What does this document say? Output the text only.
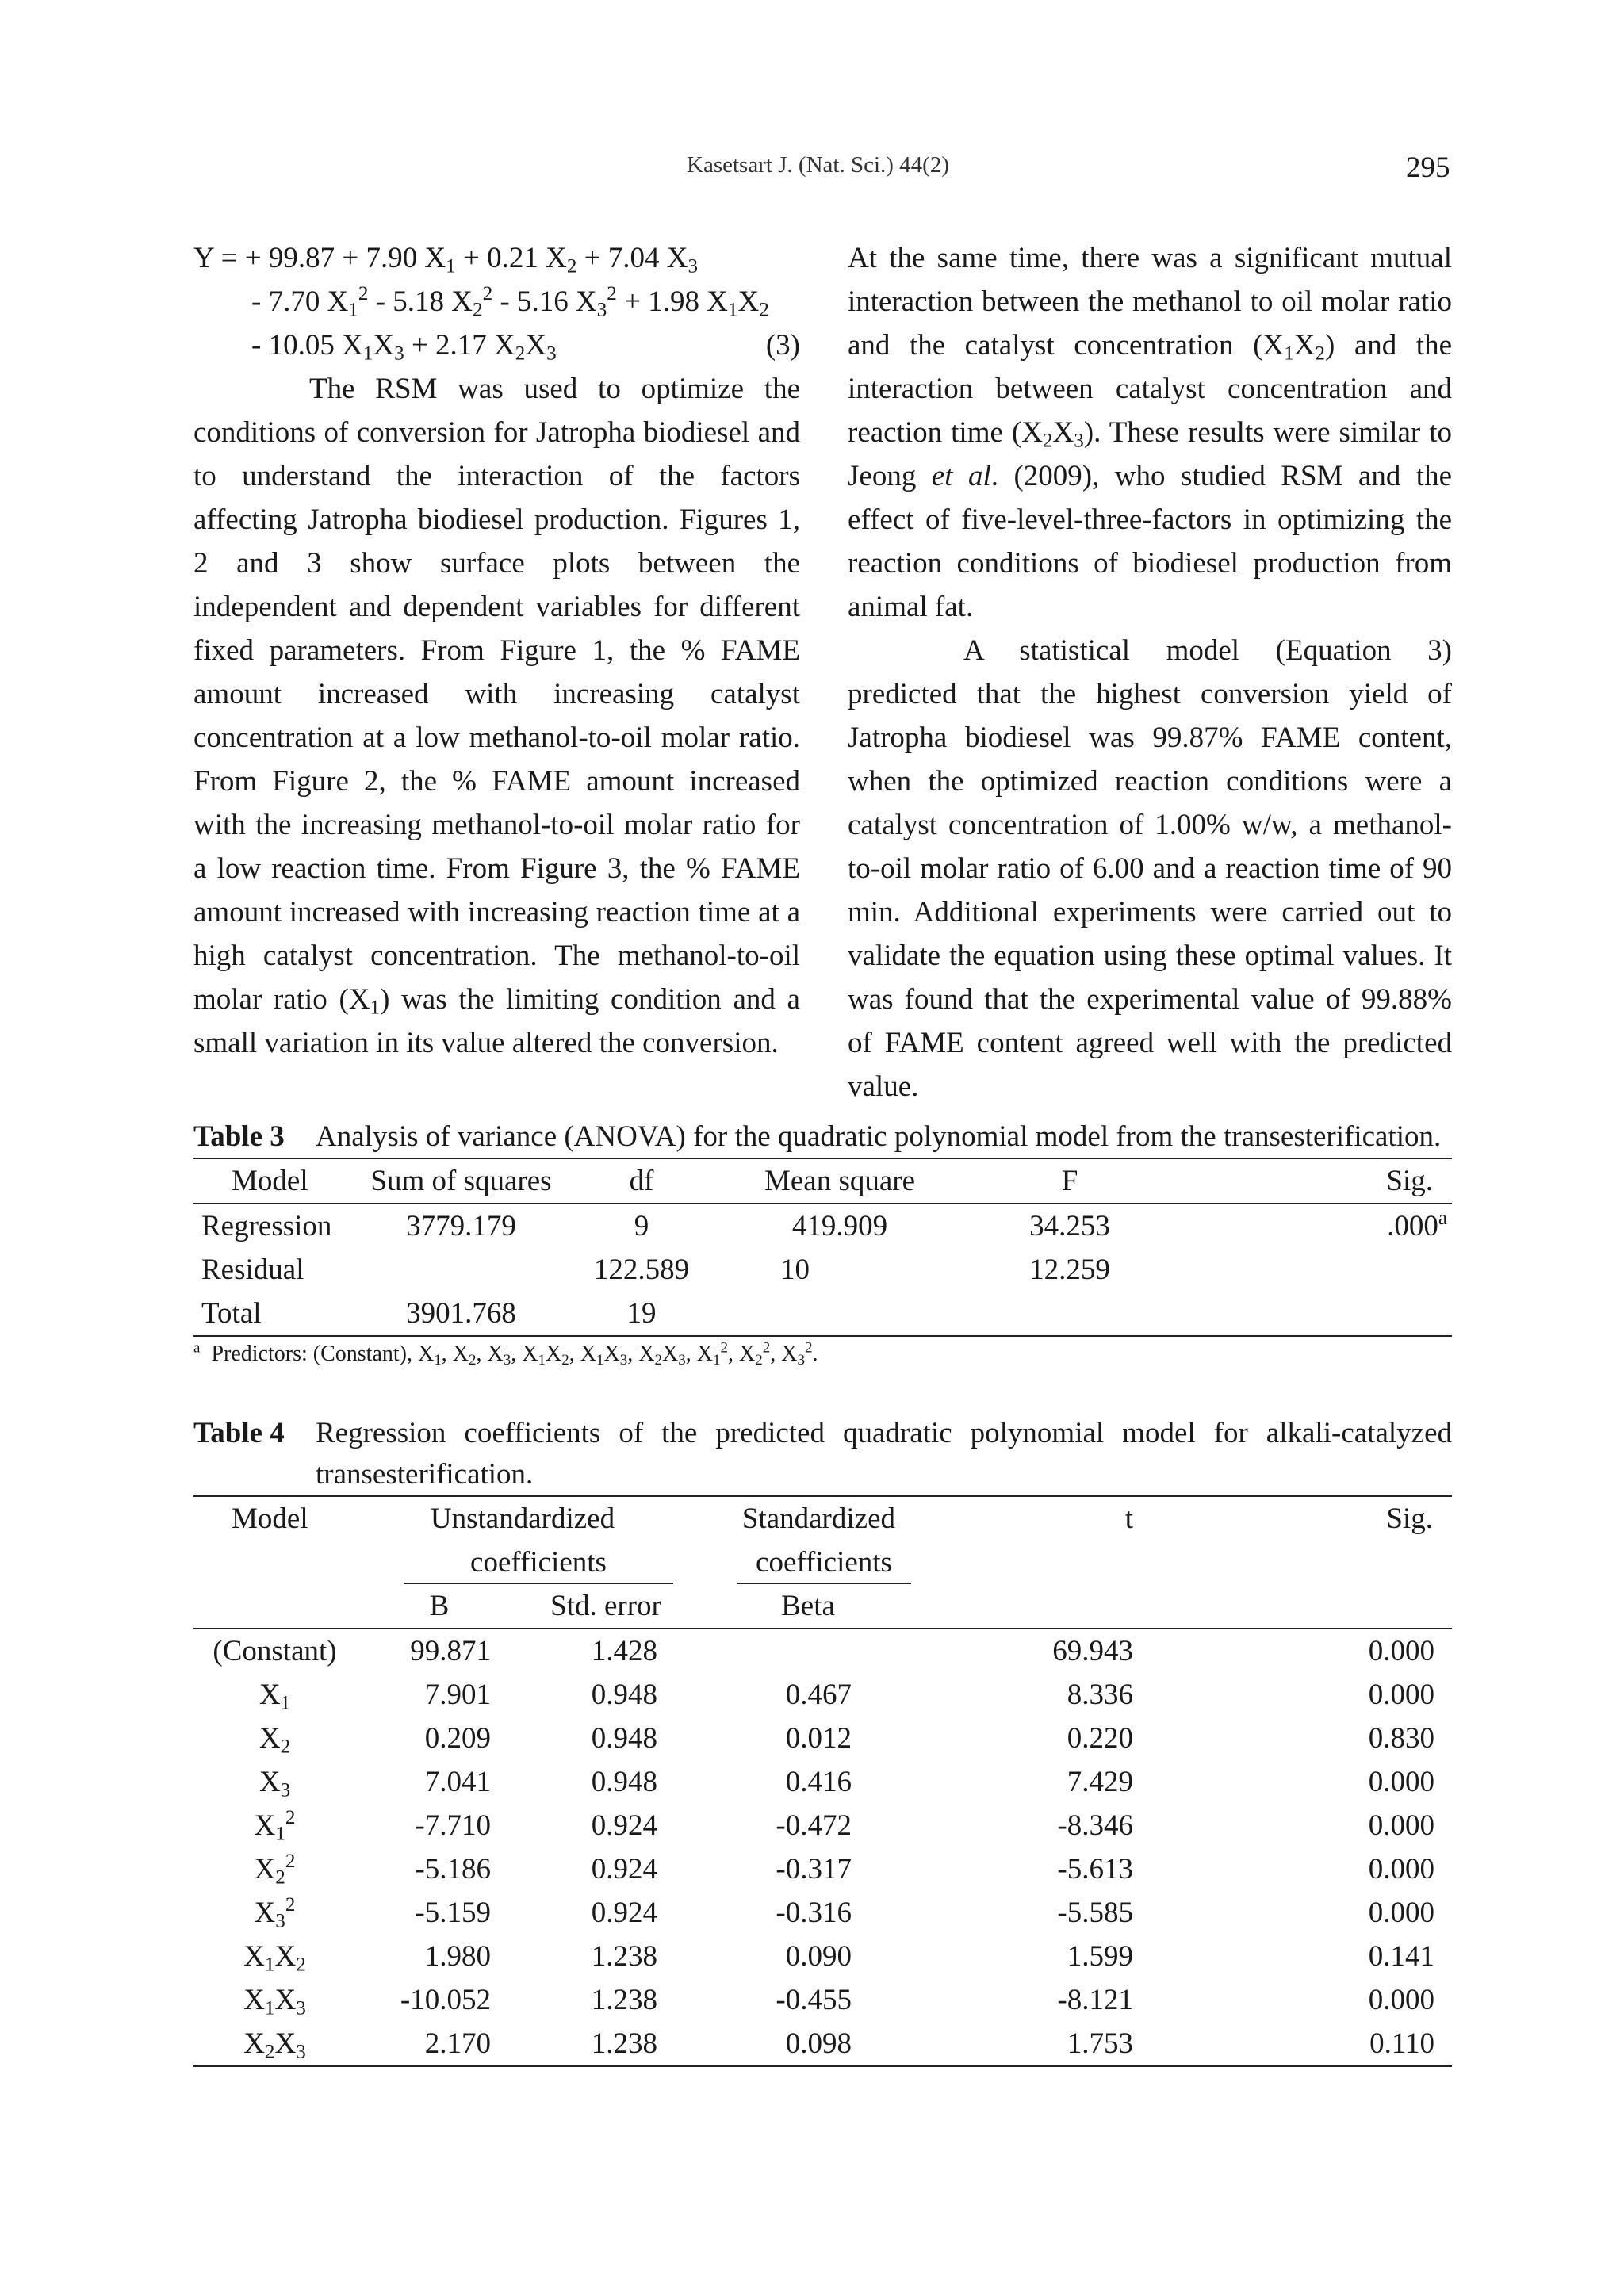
Kasetsart J. (Nat. Sci.) 44(2)	295
Y = + 99.87 + 7.90 $X_1 + 0.21$ $X_2 + 7.04$ $X_3$
- 7.70 $X_1^2 - 5.18$ $X_2^2 - 5.16$ $X_3^2 + 1.98$ $X_1X_2$
- 10.05 $X_1X_3 + 2.17$ $X_2X_3$	(3)

The RSM was used to optimize the conditions of conversion for Jatropha biodiesel and to understand the interaction of the factors affecting Jatropha biodiesel production. Figures 1, 2 and 3 show surface plots between the independent and dependent variables for different fixed parameters. From Figure 1, the % FAME amount increased with increasing catalyst concentration at a low methanol-to-oil molar ratio. From Figure 2, the % FAME amount increased with the increasing methanol-to-oil molar ratio for a low reaction time. From Figure 3, the % FAME amount increased with increasing reaction time at a high catalyst concentration. The methanol-to-oil molar ratio $(X_1)$ was the limiting condition and a small variation in its value altered the conversion.

At the same time, there was a significant mutual interaction between the methanol to oil molar ratio and the catalyst concentration $(X_1X_2)$ and the interaction between catalyst concentration and reaction time $(X_2X_3)$. These results were similar to Jeong et al. (2009), who studied RSM and the effect of five-level-three-factors in optimizing the reaction conditions of biodiesel production from animal fat.

A statistical model (Equation 3) predicted that the highest conversion yield of Jatropha biodiesel was 99.87% FAME content, when the optimized reaction conditions were a catalyst concentration of 1.00% w/w, a methanol-to-oil molar ratio of 6.00 and a reaction time of 90 min. Additional experiments were carried out to validate the equation using these optimal values. It was found that the experimental value of 99.88% of FAME content agreed well with the predicted value.

Table 3	Analysis of variance (ANOVA) for the quadratic polynomial model from the transesterification.
Model	Sum of squares	df	Mean square	F	Sig.
Regression	3779.179	9	419.909	34.253	.000$^a$
Residual		122.589	10	12.259	
Total	3901.768	19			
$^a$ Predictors: (Constant), $X_1$, $X_2$, $X_3$, $X_1X_2$, $X_1X_3$, $X_2X_3$, $X_1^2$, $X_2^2$, $X_3^2$.
Table 4	Regression coefficients of the predicted quadratic polynomial model for alkali-catalyzed transesterification.
Model	Unstandardized		Standardized	t	Sig.

	coefficients		coefficients		

	B	Std. error	Beta		
(Constant)	99.871	1.428		69.943	0.000
$X_1$	7.901	0.948	0.467	8.336	0.000
$X_2$	0.209	0.948	0.012	0.220	0.830
$X_3$	7.041	0.948	0.416	7.429	0.000
$X_1^2$	-7.710	0.924	-0.472	-8.346	0.000
$X_2^2$	-5.186	0.924	-0.317	-5.613	0.000
$X_3^2$	-5.159	0.924	-0.316	-5.585	0.000
$X_1X_2$	1.980	1.238	0.090	1.599	0.141
$X_1X_3$	-10.052	1.238	-0.455	-8.121	0.000
$X_2X_3$	2.170	1.238	0.098	1.753	0.110
